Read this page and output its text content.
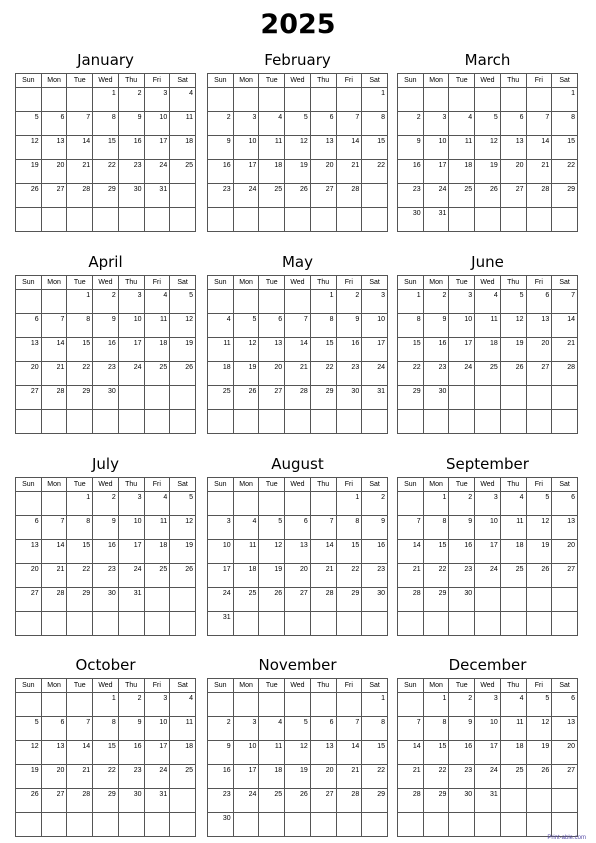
2025
January
Sun	Mon	Tue	Wed	Thu	Fri	Sat
			1	2	3	4
5	6	7	8	9	10	11
12	13	14	15	16	17	18
19	20	21	22	23	24	25
26	27	28	29	30	31	

February
Sun	Mon	Tue	Wed	Thu	Fri	Sat
						1
2	3	4	5	6	7	8
9	10	11	12	13	14	15
16	17	18	19	20	21	22
23	24	25	26	27	28	

March
Sun	Mon	Tue	Wed	Thu	Fri	Sat
						1
2	3	4	5	6	7	8
9	10	11	12	13	14	15
16	17	18	19	20	21	22
23	24	25	26	27	28	29
30	31					
April
Sun	Mon	Tue	Wed	Thu	Fri	Sat
		1	2	3	4	5
6	7	8	9	10	11	12
13	14	15	16	17	18	19
20	21	22	23	24	25	26
27	28	29	30			

May
Sun	Mon	Tue	Wed	Thu	Fri	Sat
				1	2	3
4	5	6	7	8	9	10
11	12	13	14	15	16	17
18	19	20	21	22	23	24
25	26	27	28	29	30	31

June
Sun	Mon	Tue	Wed	Thu	Fri	Sat
1	2	3	4	5	6	7
8	9	10	11	12	13	14
15	16	17	18	19	20	21
22	23	24	25	26	27	28
29	30					

July
Sun	Mon	Tue	Wed	Thu	Fri	Sat
		1	2	3	4	5
6	7	8	9	10	11	12
13	14	15	16	17	18	19
20	21	22	23	24	25	26
27	28	29	30	31		

August
Sun	Mon	Tue	Wed	Thu	Fri	Sat
					1	2
3	4	5	6	7	8	9
10	11	12	13	14	15	16
17	18	19	20	21	22	23
24	25	26	27	28	29	30
31						
September
Sun	Mon	Tue	Wed	Thu	Fri	Sat
	1	2	3	4	5	6
7	8	9	10	11	12	13
14	15	16	17	18	19	20
21	22	23	24	25	26	27
28	29	30				

October
Sun	Mon	Tue	Wed	Thu	Fri	Sat
			1	2	3	4
5	6	7	8	9	10	11
12	13	14	15	16	17	18
19	20	21	22	23	24	25
26	27	28	29	30	31	

November
Sun	Mon	Tue	Wed	Thu	Fri	Sat
						1
2	3	4	5	6	7	8
9	10	11	12	13	14	15
16	17	18	19	20	21	22
23	24	25	26	27	28	29
30						
December
Sun	Mon	Tue	Wed	Thu	Fri	Sat
	1	2	3	4	5	6
7	8	9	10	11	12	13
14	15	16	17	18	19	20
21	22	23	24	25	26	27
28	29	30	31			

Print-able.com
